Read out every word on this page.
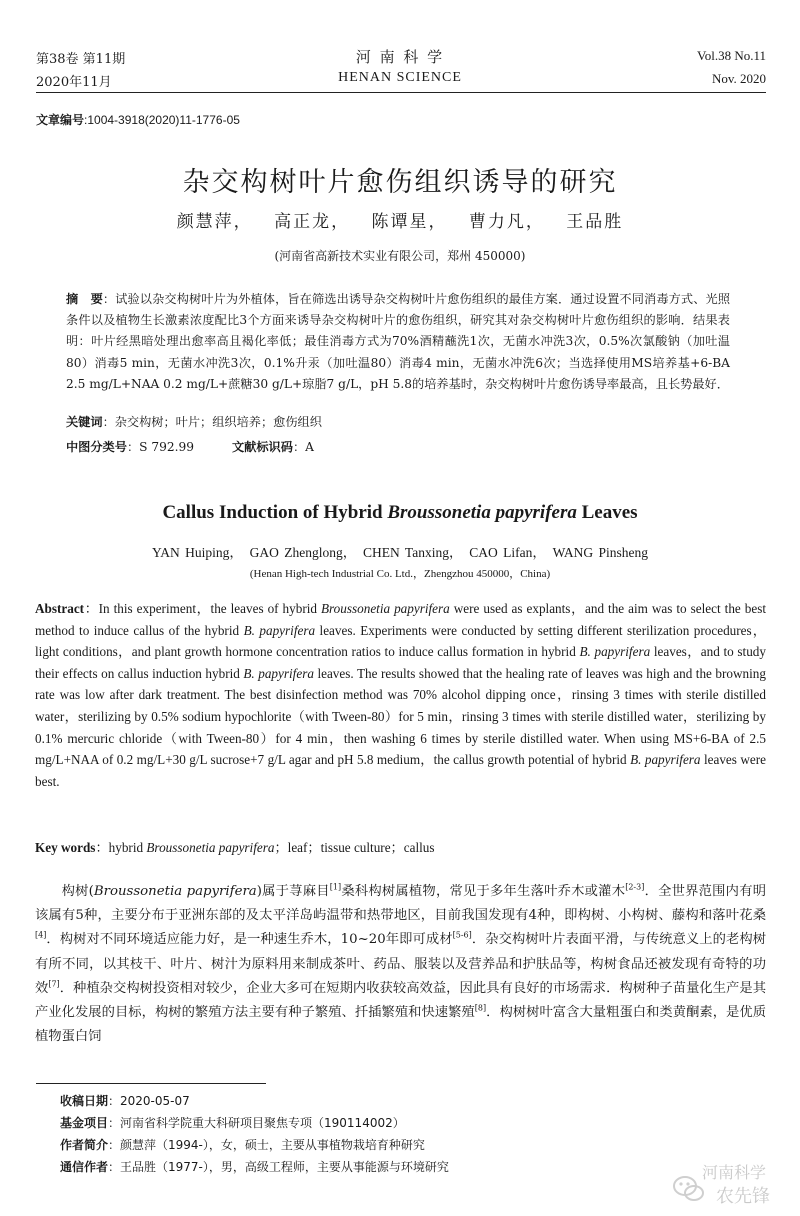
第38卷 第11期
2020年11月
河 南 科 学
HENAN SCIENCE
Vol.38 No.11
Nov. 2020
文章编号:1004-3918(2020)11-1776-05
杂交构树叶片愈伤组织诱导的研究
颜慧萍， 高正龙， 陈谭星， 曹力凡， 王品胜
(河南省高新技术实业有限公司，郑州 450000)
摘　要：试验以杂交构树叶片为外植体，旨在筛选出诱导杂交构树叶片愈伤组织的最佳方案．通过设置不同消毒方式、光照条件以及植物生长激素浓度配比3个方面来诱导杂交构树叶片的愈伤组织，研究其对杂交构树叶片愈伤组织的影响．结果表明：叶片经黑暗处理出愈率高且褐化率低；最佳消毒方式为70%酒精蘸洗1次，无菌水冲洗3次，0.5%次氯酸钠（加吐温80）消毒5 min，无菌水冲洗3次，0.1%升汞（加吐温80）消毒4 min，无菌水冲洗6次；当选择使用MS培养基+6-BA 2.5 mg/L+NAA 0.2 mg/L+蔗糖30 g/L+琼脂7 g/L，pH 5.8的培养基时，杂交构树叶片愈伤诱导率最高，且长势最好．
关键词：杂交构树；叶片；组织培养；愈伤组织
中图分类号：S 792.99	文献标识码：A
Callus Induction of Hybrid Broussonetia papyrifera Leaves
YAN Huiping，　GAO Zhenglong，　CHEN Tanxing，　CAO Lifan，　WANG Pinsheng
(Henan High-tech Industrial Co. Ltd.，Zhengzhou 450000，China)
Abstract：In this experiment，the leaves of hybrid Broussonetia papyrifera were used as explants，and the aim was to select the best method to induce callus of the hybrid B. papyrifera leaves. Experiments were conducted by setting different sterilization procedures，light conditions，and plant growth hormone concentration ratios to induce callus formation in hybrid B. papyrifera leaves，and to study their effects on callus induction hybrid B. papyrifera leaves. The results showed that the healing rate of leaves was high and the browning rate was low after dark treatment. The best disinfection method was 70% alcohol dipping once，rinsing 3 times with sterile distilled water，sterilizing by 0.5% sodium hypochlorite（with Tween-80）for 5 min，rinsing 3 times with sterile distilled water，sterilizing by 0.1% mercuric chloride（with Tween-80）for 4 min，then washing 6 times by sterile distilled water. When using MS+6-BA of 2.5 mg/L+NAA of 0.2 mg/L+30 g/L sucrose+7 g/L agar and pH 5.8 medium，the callus growth potential of hybrid B. papyrifera leaves were best.
Key words：hybrid Broussonetia papyrifera；leaf；tissue culture；callus
构树(Broussonetia papyrifera)属于荨麻目[1]桑科构树属植物，常见于多年生落叶乔木或灌木[2-3]．全世界范围内有明该属有5种，主要分布于亚洲东部的及太平洋岛屿温带和热带地区，目前我国发现有4种，即构树、小构树、藤构和落叶花桑[4]．构树对不同环境适应能力好，是一种速生乔木，10~20年即可成材[5-6]．杂交构树叶片表面平滑，与传统意义上的老构树有所不同，以其枝干、叶片、树汁为原料用来制成茶叶、药品、服装以及营养品和护肤品等，构树食品还被发现有奇特的功效[7]．种植杂交构树投资相对较少，企业大多可在短期内收获较高效益，因此具有良好的市场需求．构树种子苗量化生产是其产业化发展的目标，构树的繁殖方法主要有种子繁殖、扦插繁殖和快速繁殖[8]．构树树叶富含大量粗蛋白和类黄酮素，是优质植物蛋白饲
收稿日期：2020-05-07
基金项目：河南省科学院重大科研项目聚焦专项（190114002）
作者简介：颜慧萍（1994-），女，硕士，主要从事植物栽培育种研究
通信作者：王品胜（1977-），男，高级工程师，主要从事能源与环境研究	河南科学
农先锋
